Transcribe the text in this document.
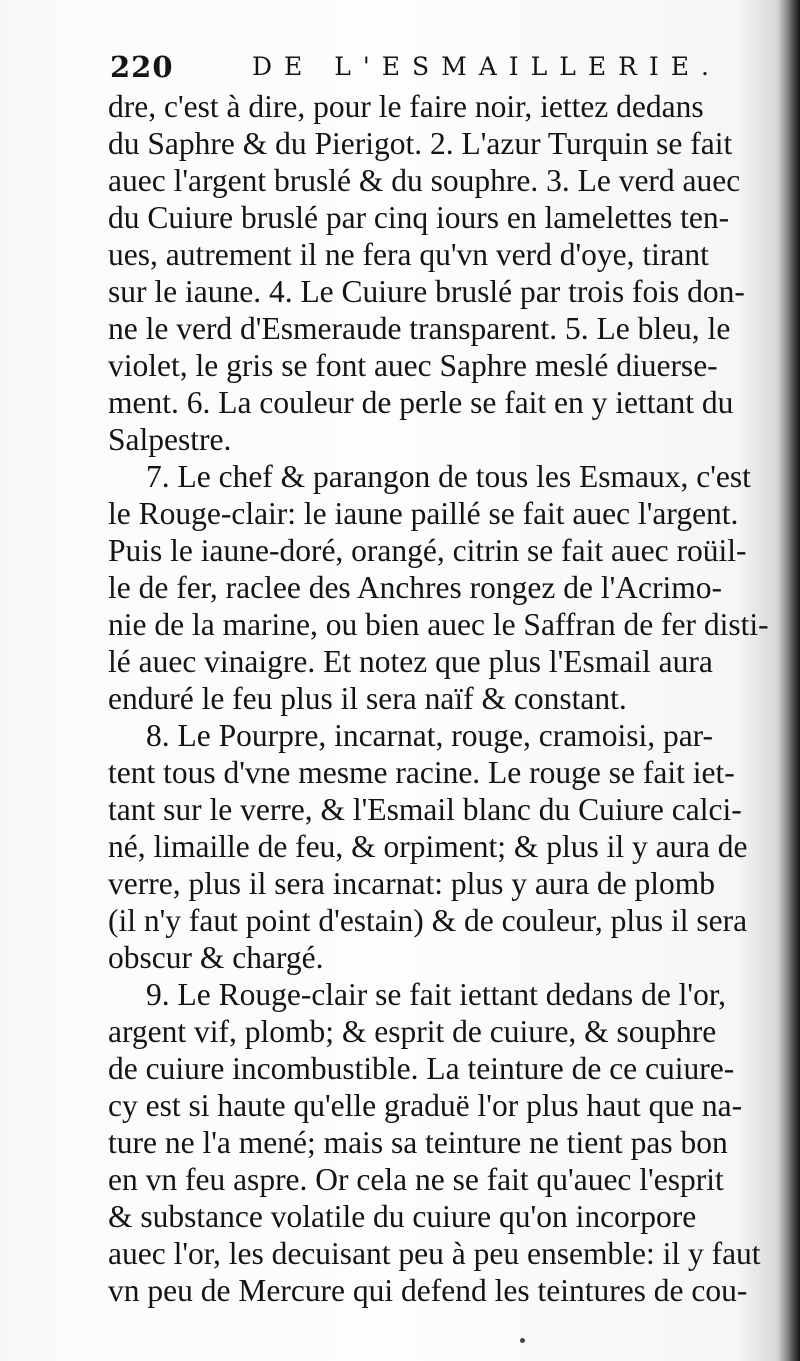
220	DE L'ESMAILLERIE.
dre, c'est à dire, pour le faire noir, iettez dedans
du Saphre & du Pierigot. 2. L'azur Turquin se fait
auec l'argent bruslé & du souphre. 3. Le verd auec
du Cuiure bruslé par cinq iours en lamelettes ten-
ues, autrement il ne fera qu'vn verd d'oye, tirant
sur le iaune. 4. Le Cuiure bruslé par trois fois don-
ne le verd d'Esmeraude transparent. 5. Le bleu, le
violet, le gris se font auec Saphre meslé diuerse-
ment. 6. La couleur de perle se fait en y iettant du
Salpestre.
7. Le chef & parangon de tous les Esmaux, c'est
le Rouge-clair: le iaune paillé se fait auec l'argent.
Puis le iaune-doré, orangé, citrin se fait auec roüil-
le de fer, raclee des Anchres rongez de l'Acrimo-
nie de la marine, ou bien auec le Saffran de fer disti-
lé auec vinaigre. Et notez que plus l'Esmail aura
enduré le feu plus il sera naïf & constant.
8. Le Pourpre, incarnat, rouge, cramoisi, par-
tent tous d'vne mesme racine. Le rouge se fait iet-
tant sur le verre, & l'Esmail blanc du Cuiure calci-
né, limaille de feu, & orpiment; & plus il y aura de
verre, plus il sera incarnat: plus y aura de plomb
(il n'y faut point d'estain) & de couleur, plus il sera
obscur & chargé.
9. Le Rouge-clair se fait iettant dedans de l'or,
argent vif, plomb; & esprit de cuiure, & souphre
de cuiure incombustible. La teinture de ce cuiure-
cy est si haute qu'elle graduë l'or plus haut que na-
ture ne l'a mené; mais sa teinture ne tient pas bon
en vn feu aspre. Or cela ne se fait qu'auec l'esprit
& substance volatile du cuiure qu'on incorpore
auec l'or, les decuisant peu à peu ensemble: il y faut
vn peu de Mercure qui defend les teintures de cou-
